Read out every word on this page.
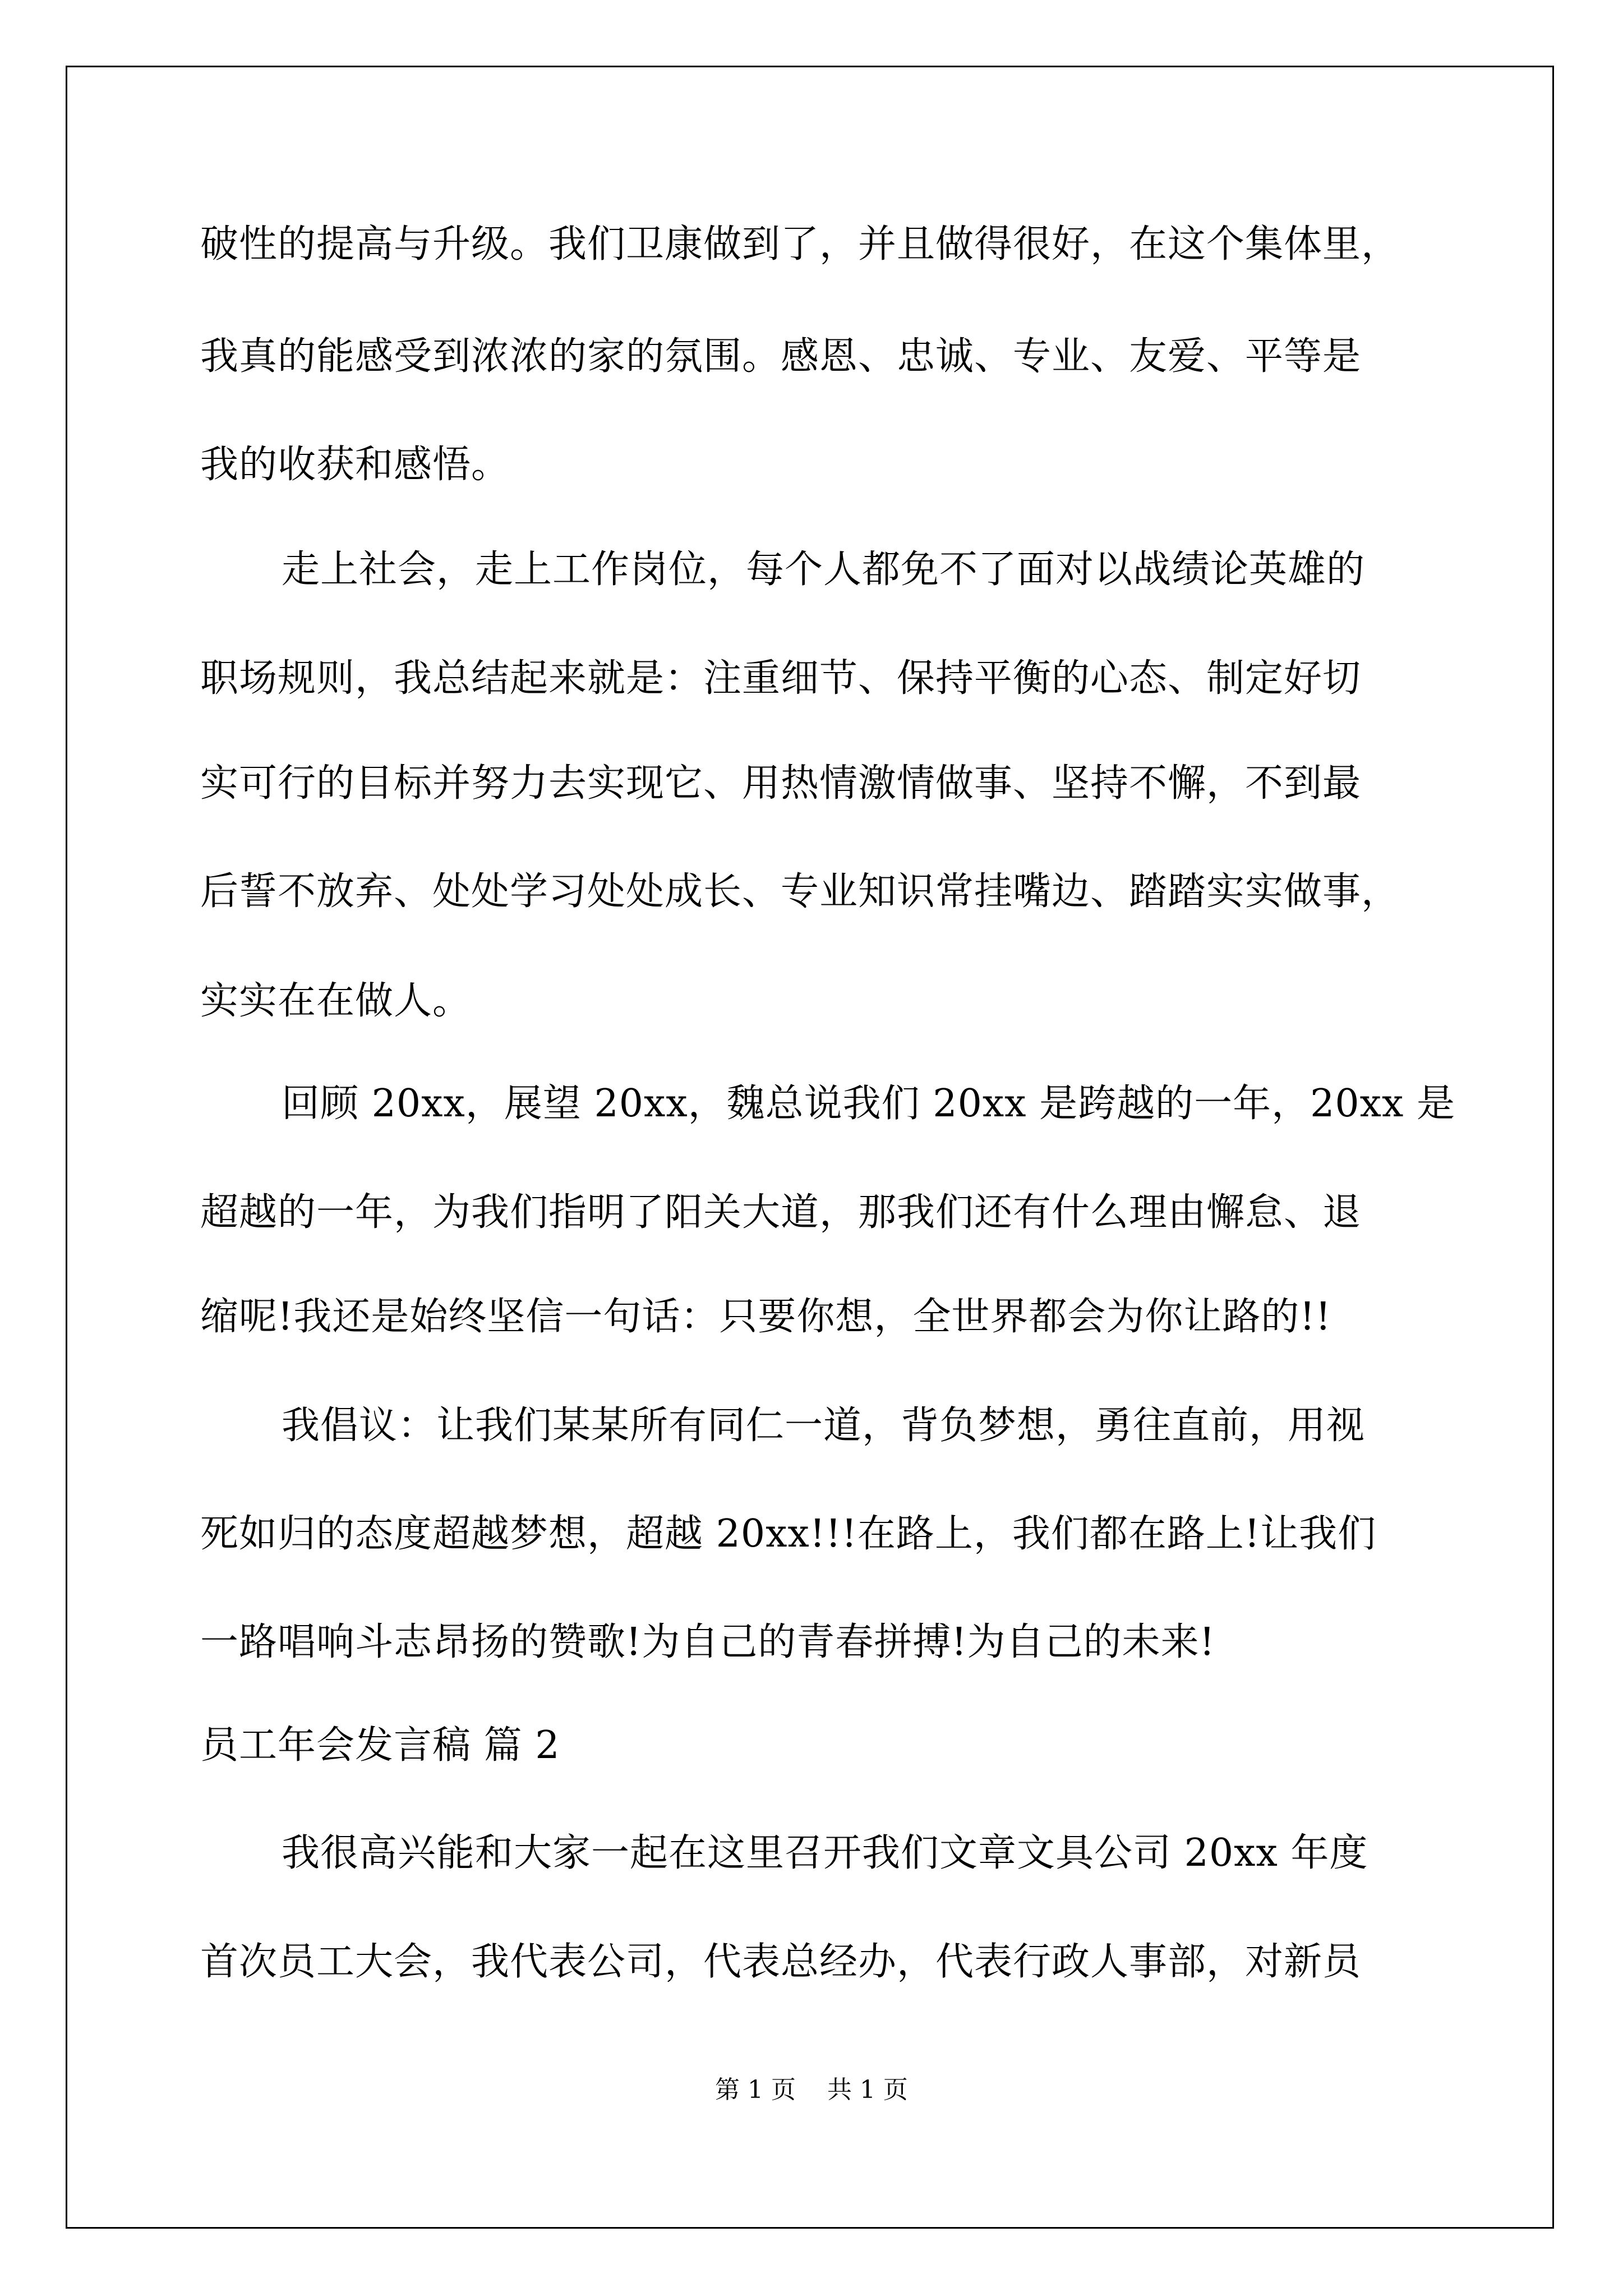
破性的提高与升级。我们卫康做到了，并且做得很好，在这个集体里，
我真的能感受到浓浓的家的氛围。感恩、忠诚、专业、友爱、平等是
我的收获和感悟。
走上社会，走上工作岗位，每个人都免不了面对以战绩论英雄的
职场规则，我总结起来就是：注重细节、保持平衡的心态、制定好切
实可行的目标并努力去实现它、用热情激情做事、坚持不懈，不到最
后誓不放弃、处处学习处处成长、专业知识常挂嘴边、踏踏实实做事，
实实在在做人。
回顾 20xx，展望 20xx，魏总说我们 20xx 是跨越的一年，20xx 是
超越的一年，为我们指明了阳关大道，那我们还有什么理由懈怠、退
缩呢!我还是始终坚信一句话：只要你想，全世界都会为你让路的!!
我倡议：让我们某某所有同仁一道，背负梦想，勇往直前，用视
死如归的态度超越梦想，超越 20xx!!!在路上，我们都在路上!让我们
一路唱响斗志昂扬的赞歌!为自己的青春拼搏!为自己的未来!
员工年会发言稿 篇 2
我很高兴能和大家一起在这里召开我们文章文具公司 20xx 年度
首次员工大会，我代表公司，代表总经办，代表行政人事部，对新员
第 1 页    共 1 页
